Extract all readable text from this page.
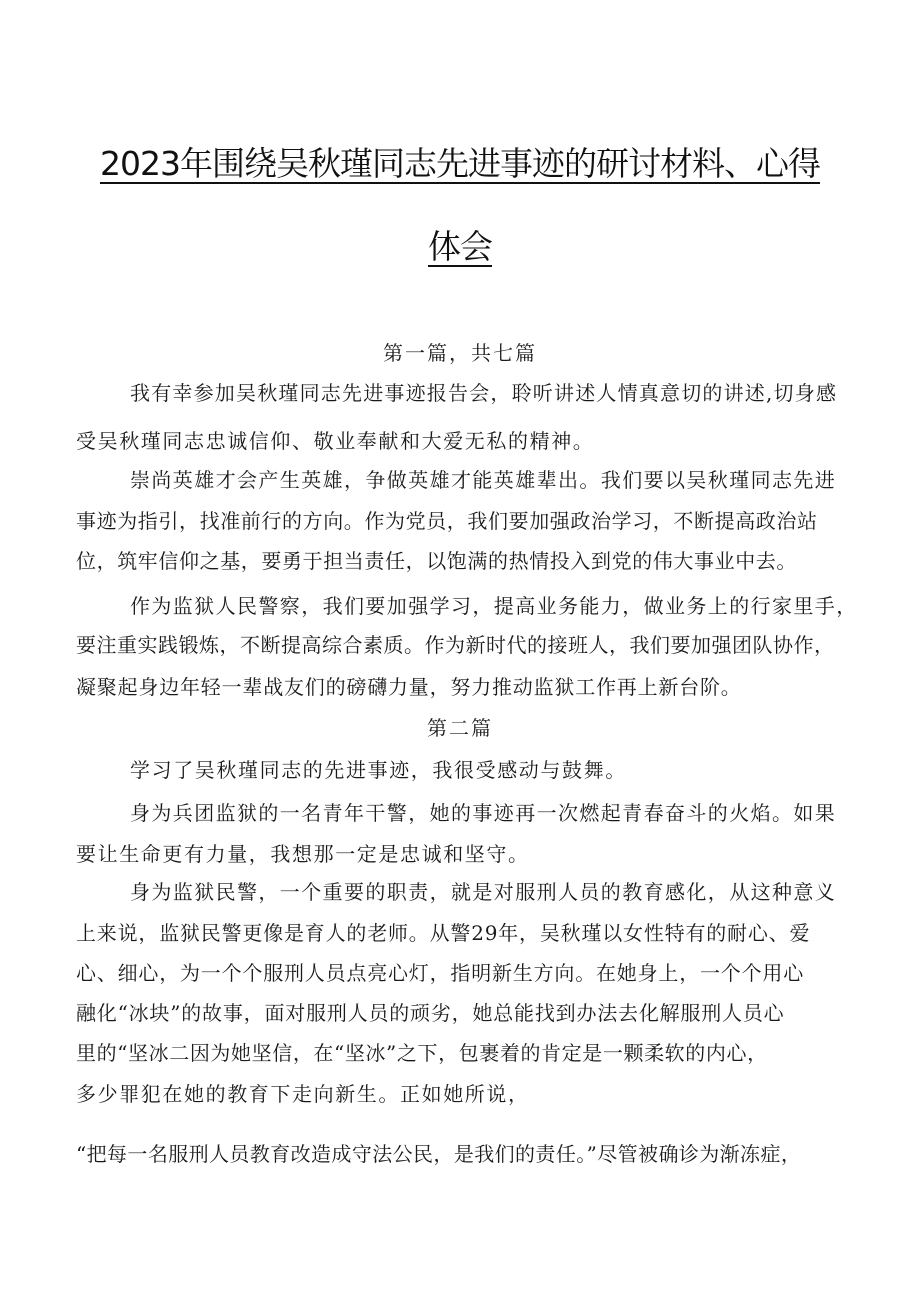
2023年围绕吴秋瑾同志先进事迹的研讨材料、心得
体会
第一篇，共七篇
我有幸参加吴秋瑾同志先进事迹报告会，聆听讲述人情真意切的讲述,切身感
受吴秋瑾同志忠诚信仰、敬业奉献和大爱无私的精神。
崇尚英雄才会产生英雄，争做英雄才能英雄辈出。我们要以吴秋瑾同志先进
事迹为指引，找准前行的方向。作为党员，我们要加强政治学习，不断提高政治站
位，筑牢信仰之基，要勇于担当责任，以饱满的热情投入到党的伟大事业中去。
作为监狱人民警察，我们要加强学习，提高业务能力，做业务上的行家里手，
要注重实践锻炼，不断提高综合素质。作为新时代的接班人，我们要加强团队协作，
凝聚起身边年轻一辈战友们的磅礴力量，努力推动监狱工作再上新台阶。
第二篇
学习了吴秋瑾同志的先进事迹，我很受感动与鼓舞。
身为兵团监狱的一名青年干警，她的事迹再一次燃起青春奋斗的火焰。如果
要让生命更有力量，我想那一定是忠诚和坚守。
身为监狱民警，一个重要的职责，就是对服刑人员的教育感化，从这种意义
上来说，监狱民警更像是育人的老师。从警29年，吴秋瑾以女性特有的耐心、爱
心、细心，为一个个服刑人员点亮心灯，指明新生方向。在她身上，一个个用心
融化“冰块”的故事，面对服刑人员的顽劣，她总能找到办法去化解服刑人员心
里的“坚冰二因为她坚信，在“坚冰”之下，包裹着的肯定是一颗柔软的内心，
多少罪犯在她的教育下走向新生。正如她所说，
“把每一名服刑人员教育改造成守法公民，是我们的责任。”尽管被确诊为渐冻症，
